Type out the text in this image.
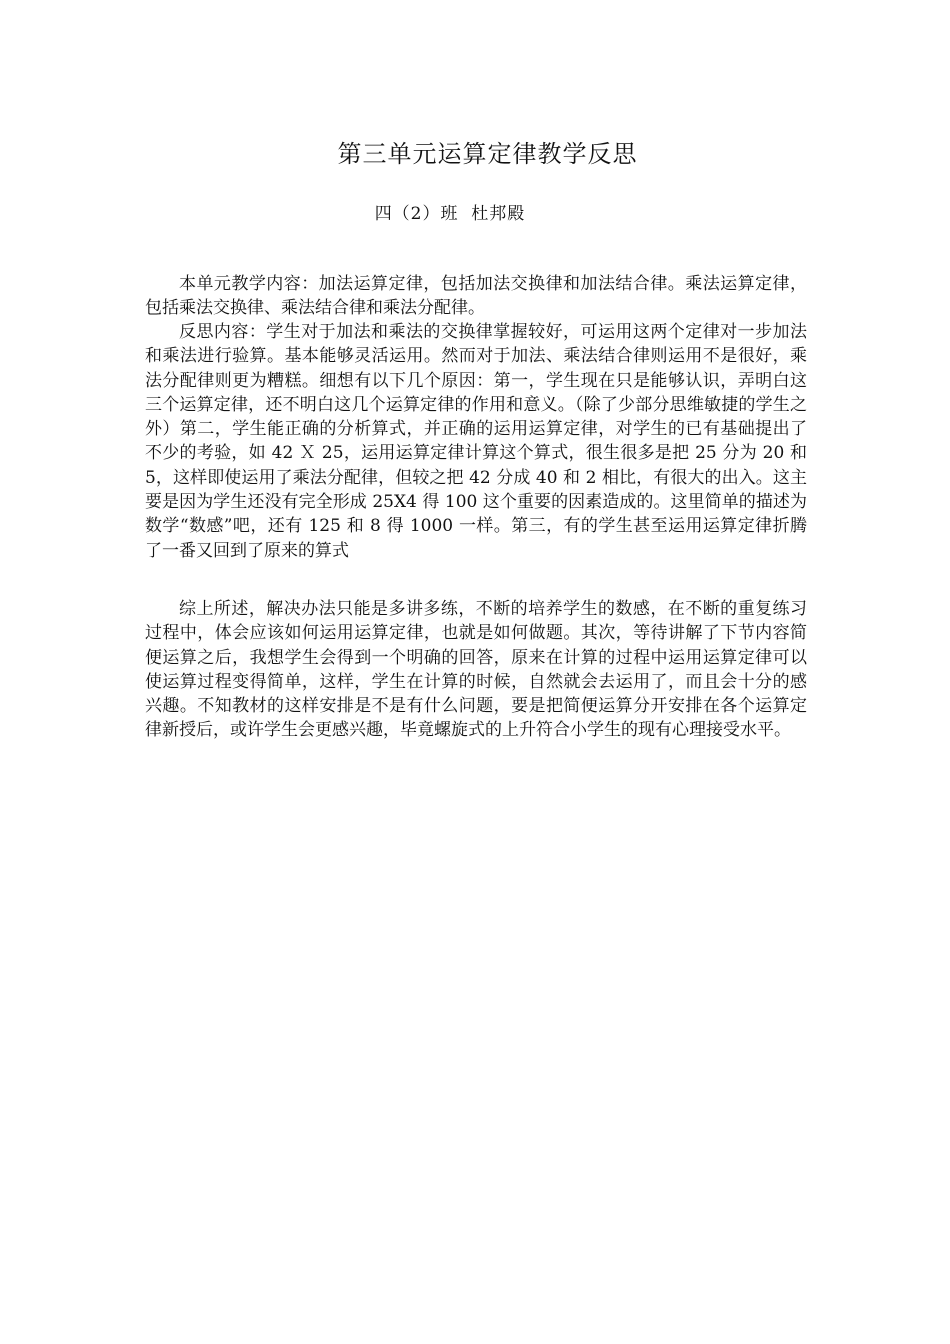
第三单元运算定律教学反思
四（2）班  杜邦殿

本单元教学内容：加法运算定律，包括加法交换律和加法结合律。乘法运算定律，包括乘法交换律、乘法结合律和乘法分配律。

反思内容：学生对于加法和乘法的交换律掌握较好，可运用这两个定律对一步加法和乘法进行验算。基本能够灵活运用。然而对于加法、乘法结合律则运用不是很好，乘法分配律则更为糟糕。细想有以下几个原因：第一，学生现在只是能够认识，弄明白这三个运算定律，还不明白这几个运算定律的作用和意义。（除了少部分思维敏捷的学生之外）第二，学生能正确的分析算式，并正确的运用运算定律，对学生的已有基础提出了不少的考验，如 42 Ｘ 25，运用运算定律计算这个算式，很生很多是把 25 分为 20 和 5，这样即使运用了乘法分配律，但较之把 42 分成 40 和 2 相比，有很大的出入。这主要是因为学生还没有完全形成 25X4 得 100 这个重要的因素造成的。这里简单的描述为数学“数感”吧，还有 125 和 8 得 1000 一样。第三，有的学生甚至运用运算定律折腾了一番又回到了原来的算式

综上所述，解决办法只能是多讲多练，不断的培养学生的数感，在不断的重复练习过程中，体会应该如何运用运算定律，也就是如何做题。其次，等待讲解了下节内容简便运算之后，我想学生会得到一个明确的回答，原来在计算的过程中运用运算定律可以使运算过程变得简单，这样，学生在计算的时候，自然就会去运用了，而且会十分的感兴趣。不知教材的这样安排是不是有什么问题，要是把简便运算分开安排在各个运算定律新授后，或许学生会更感兴趣，毕竟螺旋式的上升符合小学生的现有心理接受水平。
